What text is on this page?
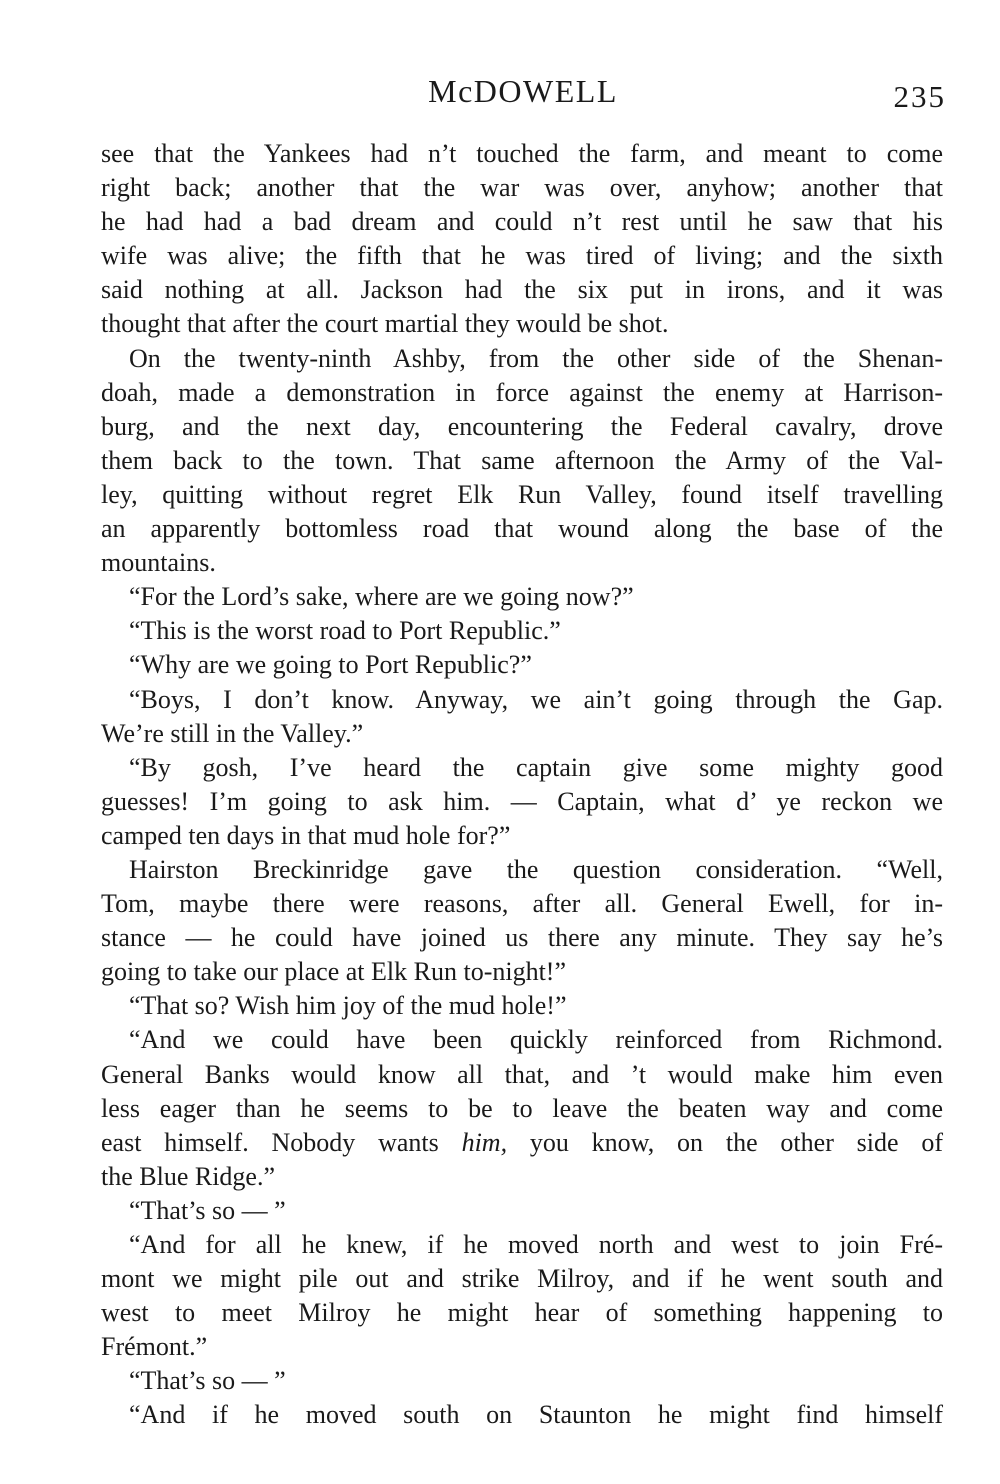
McDOWELL	235
see that the Yankees had n’t touched the farm, and meant to come
right back; another that the war was over, anyhow; another that
he had had a bad dream and could n’t rest until he saw that his
wife was alive; the fifth that he was tired of living; and the sixth
said nothing at all. Jackson had the six put in irons, and it was
thought that after the court martial they would be shot.
On the twenty-ninth Ashby, from the other side of the Shenan-
doah, made a demonstration in force against the enemy at Harrison-
burg, and the next day, encountering the Federal cavalry, drove
them back to the town. That same afternoon the Army of the Val-
ley, quitting without regret Elk Run Valley, found itself travelling
an apparently bottomless road that wound along the base of the
mountains.
“For the Lord’s sake, where are we going now?”
“This is the worst road to Port Republic.”
“Why are we going to Port Republic?”
“Boys, I don’t know. Anyway, we ain’t going through the Gap.
We’re still in the Valley.”
“By gosh, I’ve heard the captain give some mighty good
guesses! I’m going to ask him. — Captain, what d’ ye reckon we
camped ten days in that mud hole for?”
Hairston Breckinridge gave the question consideration. “Well,
Tom, maybe there were reasons, after all. General Ewell, for in-
stance — he could have joined us there any minute. They say he’s
going to take our place at Elk Run to-night!”
“That so? Wish him joy of the mud hole!”
“And we could have been quickly reinforced from Richmond.
General Banks would know all that, and ’t would make him even
less eager than he seems to be to leave the beaten way and come
east himself. Nobody wants him, you know, on the other side of
the Blue Ridge.”
“That’s so — ”
“And for all he knew, if he moved north and west to join Fré-
mont we might pile out and strike Milroy, and if he went south and
west to meet Milroy he might hear of something happening to
Frémont.”
“That’s so — ”
“And if he moved south on Staunton he might find himself
